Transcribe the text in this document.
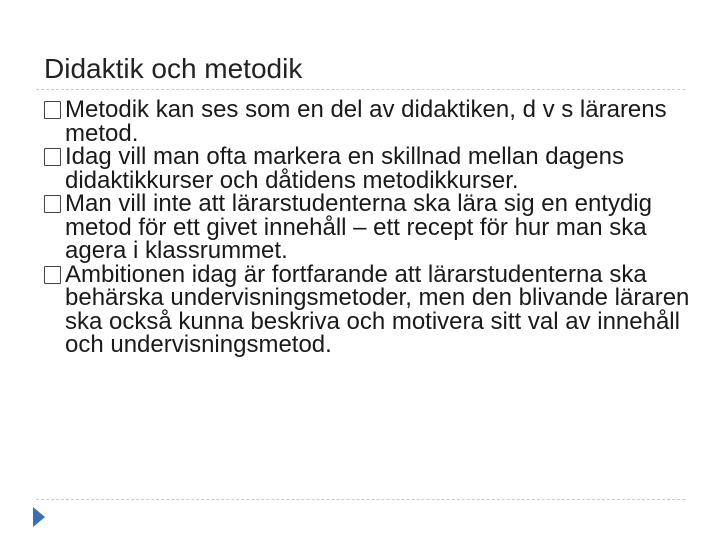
Didaktik och metodik
Metodik kan ses som en del av didaktiken, d v s lärarens metod.
Idag vill man ofta markera en skillnad mellan dagens didaktikkurser och dåtidens metodikkurser.
Man vill inte att lärarstudenterna ska lära sig en entydig metod för ett givet innehåll – ett recept för hur man ska agera i klassrummet.
Ambitionen idag är fortfarande att lärarstudenterna ska behärska undervisningsmetoder, men den blivande läraren ska också kunna beskriva och motivera sitt val av innehåll och undervisningsmetod.
